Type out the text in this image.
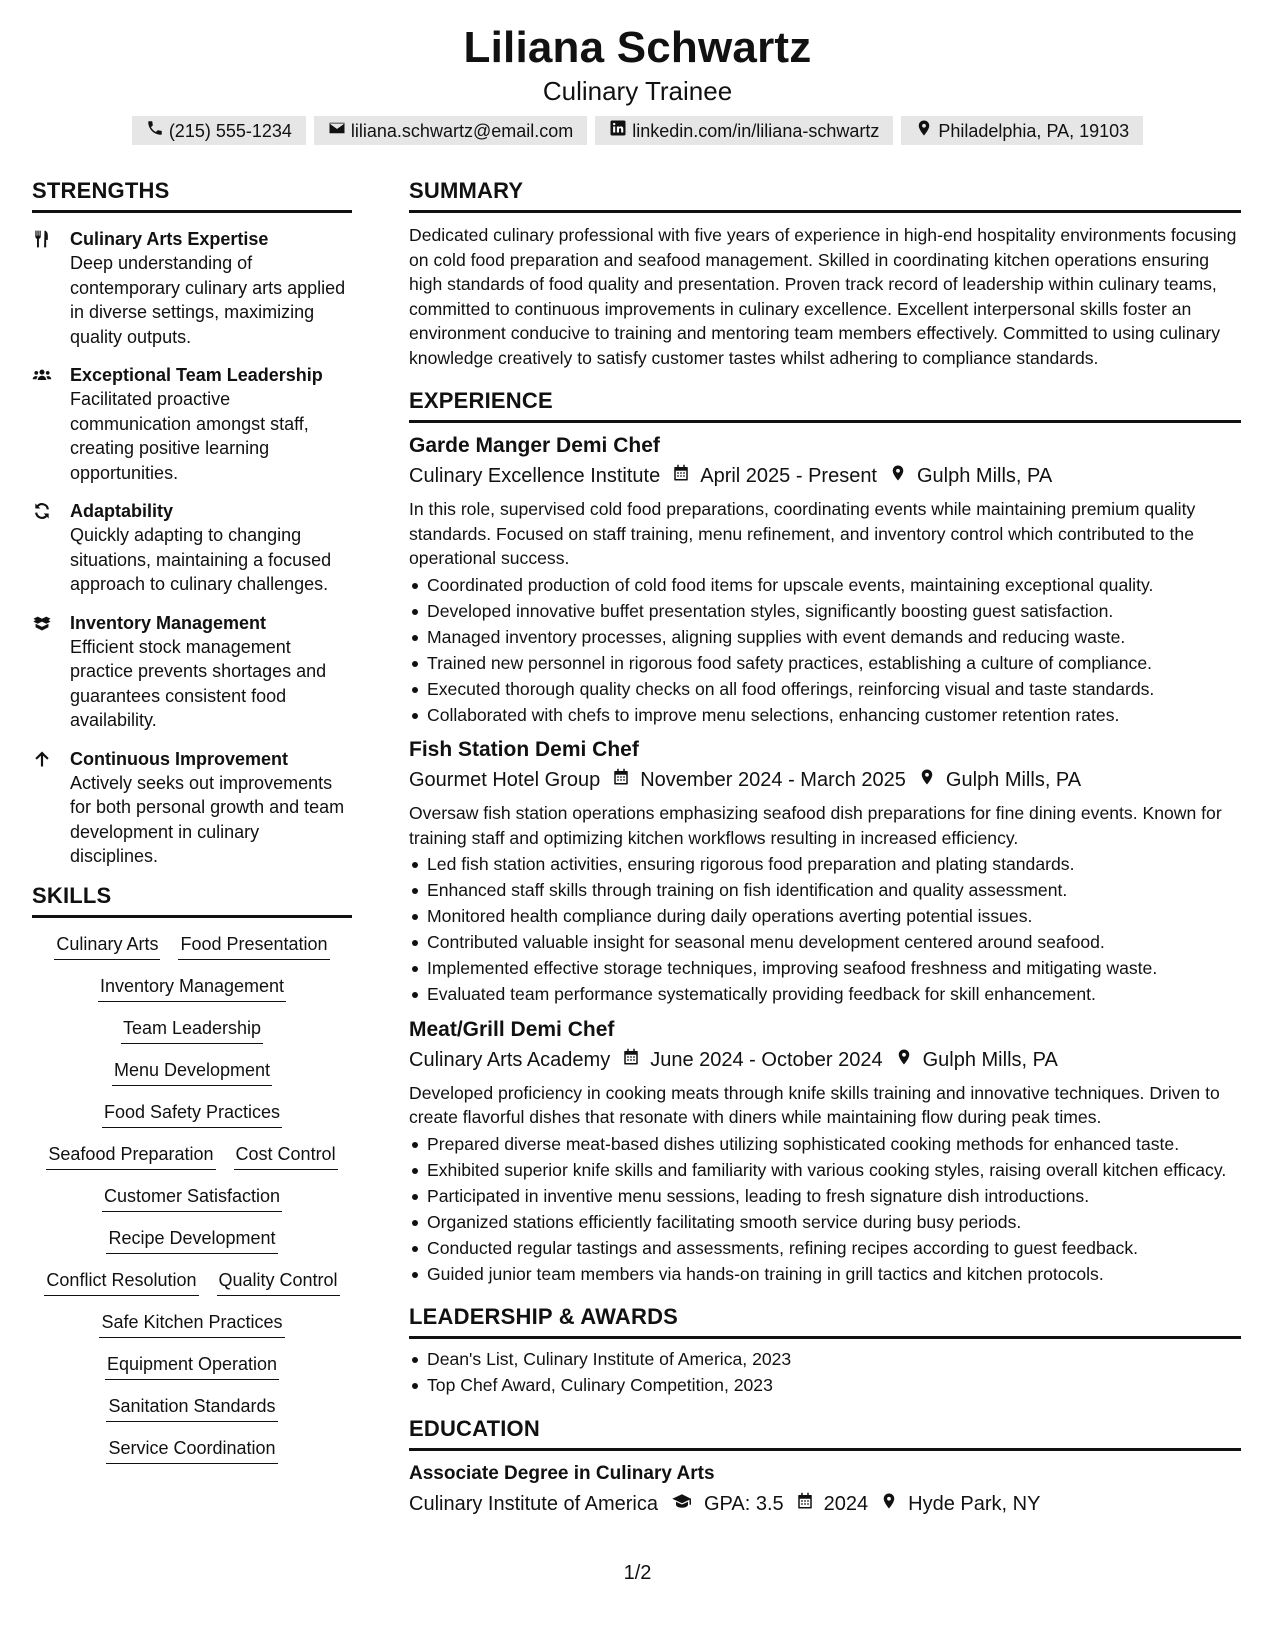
Liliana Schwartz
Culinary Trainee
(215) 555-1234	liliana.schwartz@email.com	linkedin.com/in/liliana-schwartz	Philadelphia, PA, 19103
STRENGTHS
Culinary Arts Expertise
Deep understanding of contemporary culinary arts applied in diverse settings, maximizing quality outputs.
Exceptional Team Leadership
Facilitated proactive communication amongst staff, creating positive learning opportunities.
Adaptability
Quickly adapting to changing situations, maintaining a focused approach to culinary challenges.
Inventory Management
Efficient stock management practice prevents shortages and guarantees consistent food availability.
Continuous Improvement
Actively seeks out improvements for both personal growth and team development in culinary disciplines.
SKILLS
Culinary Arts Food Presentation
Inventory Management
Team Leadership
Menu Development
Food Safety Practices
Seafood Preparation Cost Control
Customer Satisfaction
Recipe Development
Conflict Resolution Quality Control
Safe Kitchen Practices
Equipment Operation
Sanitation Standards
Service Coordination
SUMMARY
Dedicated culinary professional with five years of experience in high-end hospitality environments focusing on cold food preparation and seafood management. Skilled in coordinating kitchen operations ensuring high standards of food quality and presentation. Proven track record of leadership within culinary teams, committed to continuous improvements in culinary excellence. Excellent interpersonal skills foster an environment conducive to training and mentoring team members effectively. Committed to using culinary knowledge creatively to satisfy customer tastes whilst adhering to compliance standards.
EXPERIENCE
Garde Manger Demi Chef
Culinary Excellence Institute April 2025 - Present Gulph Mills, PA
In this role, supervised cold food preparations, coordinating events while maintaining premium quality standards. Focused on staff training, menu refinement, and inventory control which contributed to the operational success.
Coordinated production of cold food items for upscale events, maintaining exceptional quality.
Developed innovative buffet presentation styles, significantly boosting guest satisfaction.
Managed inventory processes, aligning supplies with event demands and reducing waste.
Trained new personnel in rigorous food safety practices, establishing a culture of compliance.
Executed thorough quality checks on all food offerings, reinforcing visual and taste standards.
Collaborated with chefs to improve menu selections, enhancing customer retention rates.
Fish Station Demi Chef
Gourmet Hotel Group November 2024 - March 2025 Gulph Mills, PA
Oversaw fish station operations emphasizing seafood dish preparations for fine dining events. Known for training staff and optimizing kitchen workflows resulting in increased efficiency.
Led fish station activities, ensuring rigorous food preparation and plating standards.
Enhanced staff skills through training on fish identification and quality assessment.
Monitored health compliance during daily operations averting potential issues.
Contributed valuable insight for seasonal menu development centered around seafood.
Implemented effective storage techniques, improving seafood freshness and mitigating waste.
Evaluated team performance systematically providing feedback for skill enhancement.
Meat/Grill Demi Chef
Culinary Arts Academy June 2024 - October 2024 Gulph Mills, PA
Developed proficiency in cooking meats through knife skills training and innovative techniques. Driven to create flavorful dishes that resonate with diners while maintaining flow during peak times.
Prepared diverse meat-based dishes utilizing sophisticated cooking methods for enhanced taste.
Exhibited superior knife skills and familiarity with various cooking styles, raising overall kitchen efficacy.
Participated in inventive menu sessions, leading to fresh signature dish introductions.
Organized stations efficiently facilitating smooth service during busy periods.
Conducted regular tastings and assessments, refining recipes according to guest feedback.
Guided junior team members via hands-on training in grill tactics and kitchen protocols.
LEADERSHIP & AWARDS
Dean's List, Culinary Institute of America, 2023
Top Chef Award, Culinary Competition, 2023
EDUCATION
Associate Degree in Culinary Arts
Culinary Institute of America GPA: 3.5 2024 Hyde Park, NY
1/2
